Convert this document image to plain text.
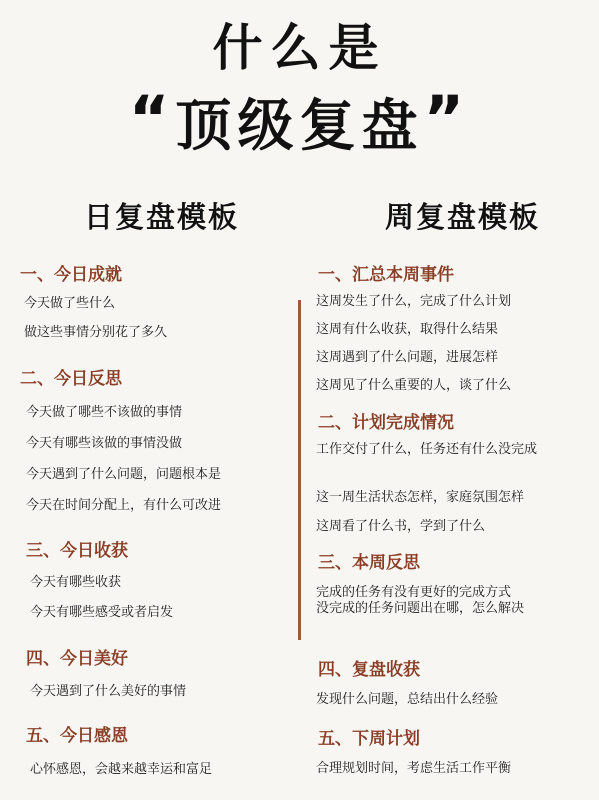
什么是
“顶级复盘”
日复盘模板	周复盘模板
一、今日成就
今天做了些什么
做这些事情分别花了多久
二、今日反思
今天做了哪些不该做的事情
今天有哪些该做的事情没做
今天遇到了什么问题，问题根本是
今天在时间分配上，有什么可改进
三、今日收获
今天有哪些收获
今天有哪些感受或者启发
四、今日美好
今天遇到了什么美好的事情
五、今日感恩
心怀感恩，会越来越幸运和富足
一、汇总本周事件
这周发生了什么，完成了什么计划
这周有什么收获，取得什么结果
这周遇到了什么问题，进展怎样
这周见了什么重要的人，谈了什么
二、计划完成情况
工作交付了什么，任务还有什么没完成
这一周生活状态怎样，家庭氛围怎样
这周看了什么书，学到了什么
三、本周反思
完成的任务有没有更好的完成方式
没完成的任务问题出在哪，怎么解决
四、复盘收获
发现什么问题，总结出什么经验
五、下周计划
合理规划时间，考虑生活工作平衡
